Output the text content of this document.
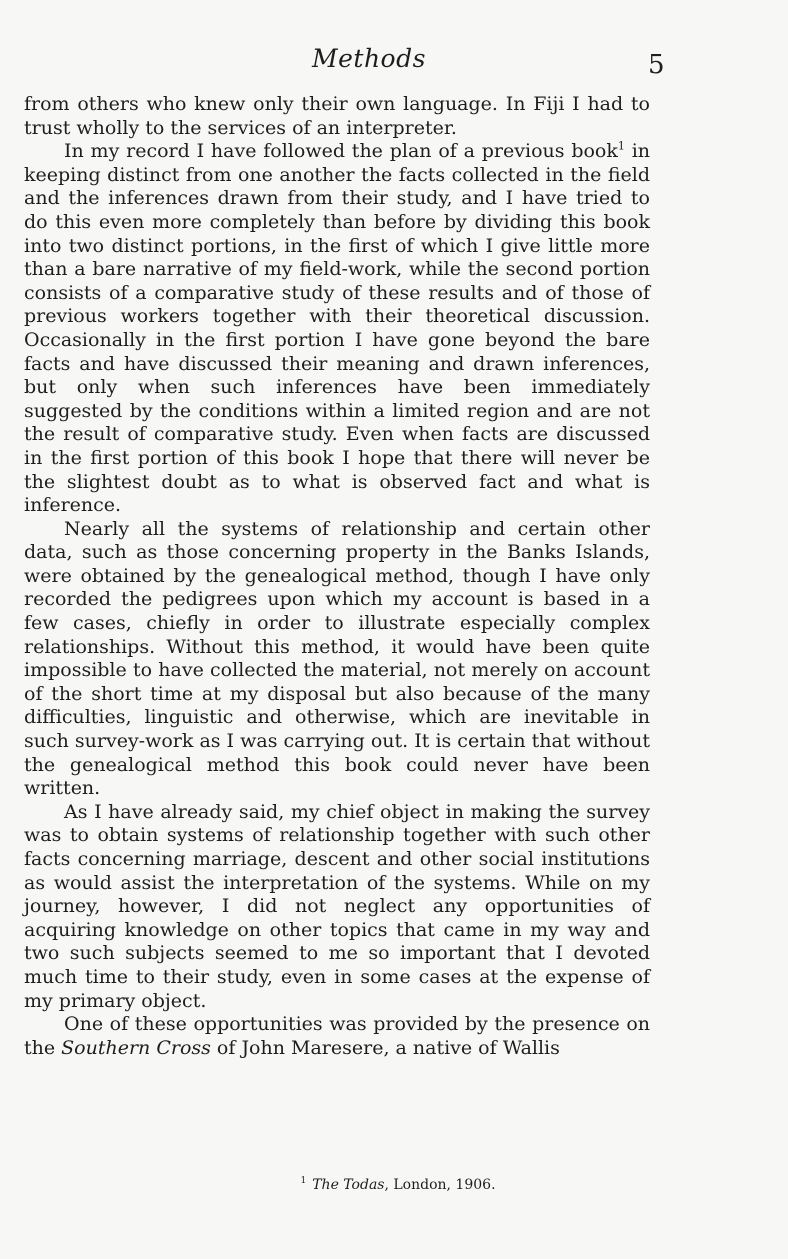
Methods	5

from others who knew only their own language. In Fiji I had to trust wholly to the services of an interpreter.

In my record I have followed the plan of a previous book$^1$ in keeping distinct from one another the facts collected in the field and the inferences drawn from their study, and I have tried to do this even more completely than before by dividing this book into two distinct portions, in the first of which I give little more than a bare narrative of my field-work, while the second portion consists of a comparative study of these results and of those of previous workers together with their theoretical discussion. Occasionally in the first portion I have gone beyond the bare facts and have discussed their meaning and drawn inferences, but only when such inferences have been immediately suggested by the conditions within a limited region and are not the result of comparative study. Even when facts are discussed in the first portion of this book I hope that there will never be the slightest doubt as to what is observed fact and what is inference.

Nearly all the systems of relationship and certain other data, such as those concerning property in the Banks Islands, were obtained by the genealogical method, though I have only recorded the pedigrees upon which my account is based in a few cases, chiefly in order to illustrate especially complex relationships. Without this method, it would have been quite impossible to have collected the material, not merely on account of the short time at my disposal but also because of the many difficulties, linguistic and otherwise, which are inevitable in such survey-work as I was carrying out. It is certain that without the genealogical method this book could never have been written.

As I have already said, my chief object in making the survey was to obtain systems of relationship together with such other facts concerning marriage, descent and other social institutions as would assist the interpretation of the systems. While on my journey, however, I did not neglect any opportunities of acquiring knowledge on other topics that came in my way and two such subjects seemed to me so important that I devoted much time to their study, even in some cases at the expense of my primary object.

One of these opportunities was provided by the presence on the Southern Cross of John Maresere, a native of Wallis

$^1$ The Todas, London, 1906.
